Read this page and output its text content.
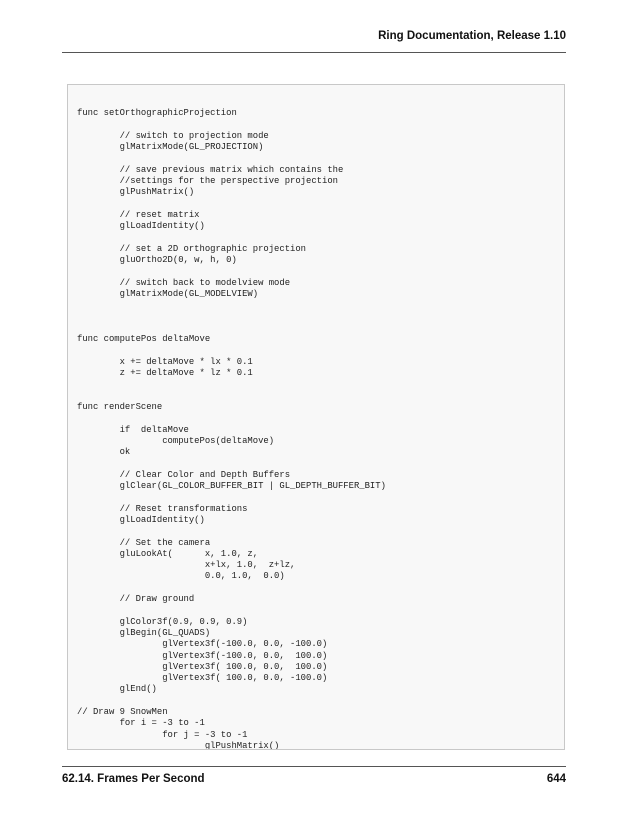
Ring Documentation, Release 1.10
func setOrthographicProjection
// switch to projection mode
glMatrixMode(GL_PROJECTION)
// save previous matrix which contains the
//settings for the perspective projection
glPushMatrix()
// reset matrix
glLoadIdentity()
// set a 2D orthographic projection
gluOrtho2D(0, w, h, 0)
// switch back to modelview mode
glMatrixMode(GL_MODELVIEW)
func computePos deltaMove
x += deltaMove * lx * 0.1
z += deltaMove * lz * 0.1
func renderScene
if  deltaMove
computePos(deltaMove)
ok
// Clear Color and Depth Buffers
glClear(GL_COLOR_BUFFER_BIT | GL_DEPTH_BUFFER_BIT)
// Reset transformations
glLoadIdentity()
// Set the camera
gluLookAt(      x, 1.0, z,
x+lx, 1.0,  z+lz,
0.0, 1.0,  0.0)
// Draw ground
glColor3f(0.9, 0.9, 0.9)
glBegin(GL_QUADS)
glVertex3f(-100.0, 0.0, -100.0)
glVertex3f(-100.0, 0.0,  100.0)
glVertex3f( 100.0, 0.0,  100.0)
glVertex3f( 100.0, 0.0, -100.0)
glEnd()
// Draw 9 SnowMen
for i = -3 to -1
for j = -3 to -1
glPushMatrix()
62.14. Frames Per Second	644
